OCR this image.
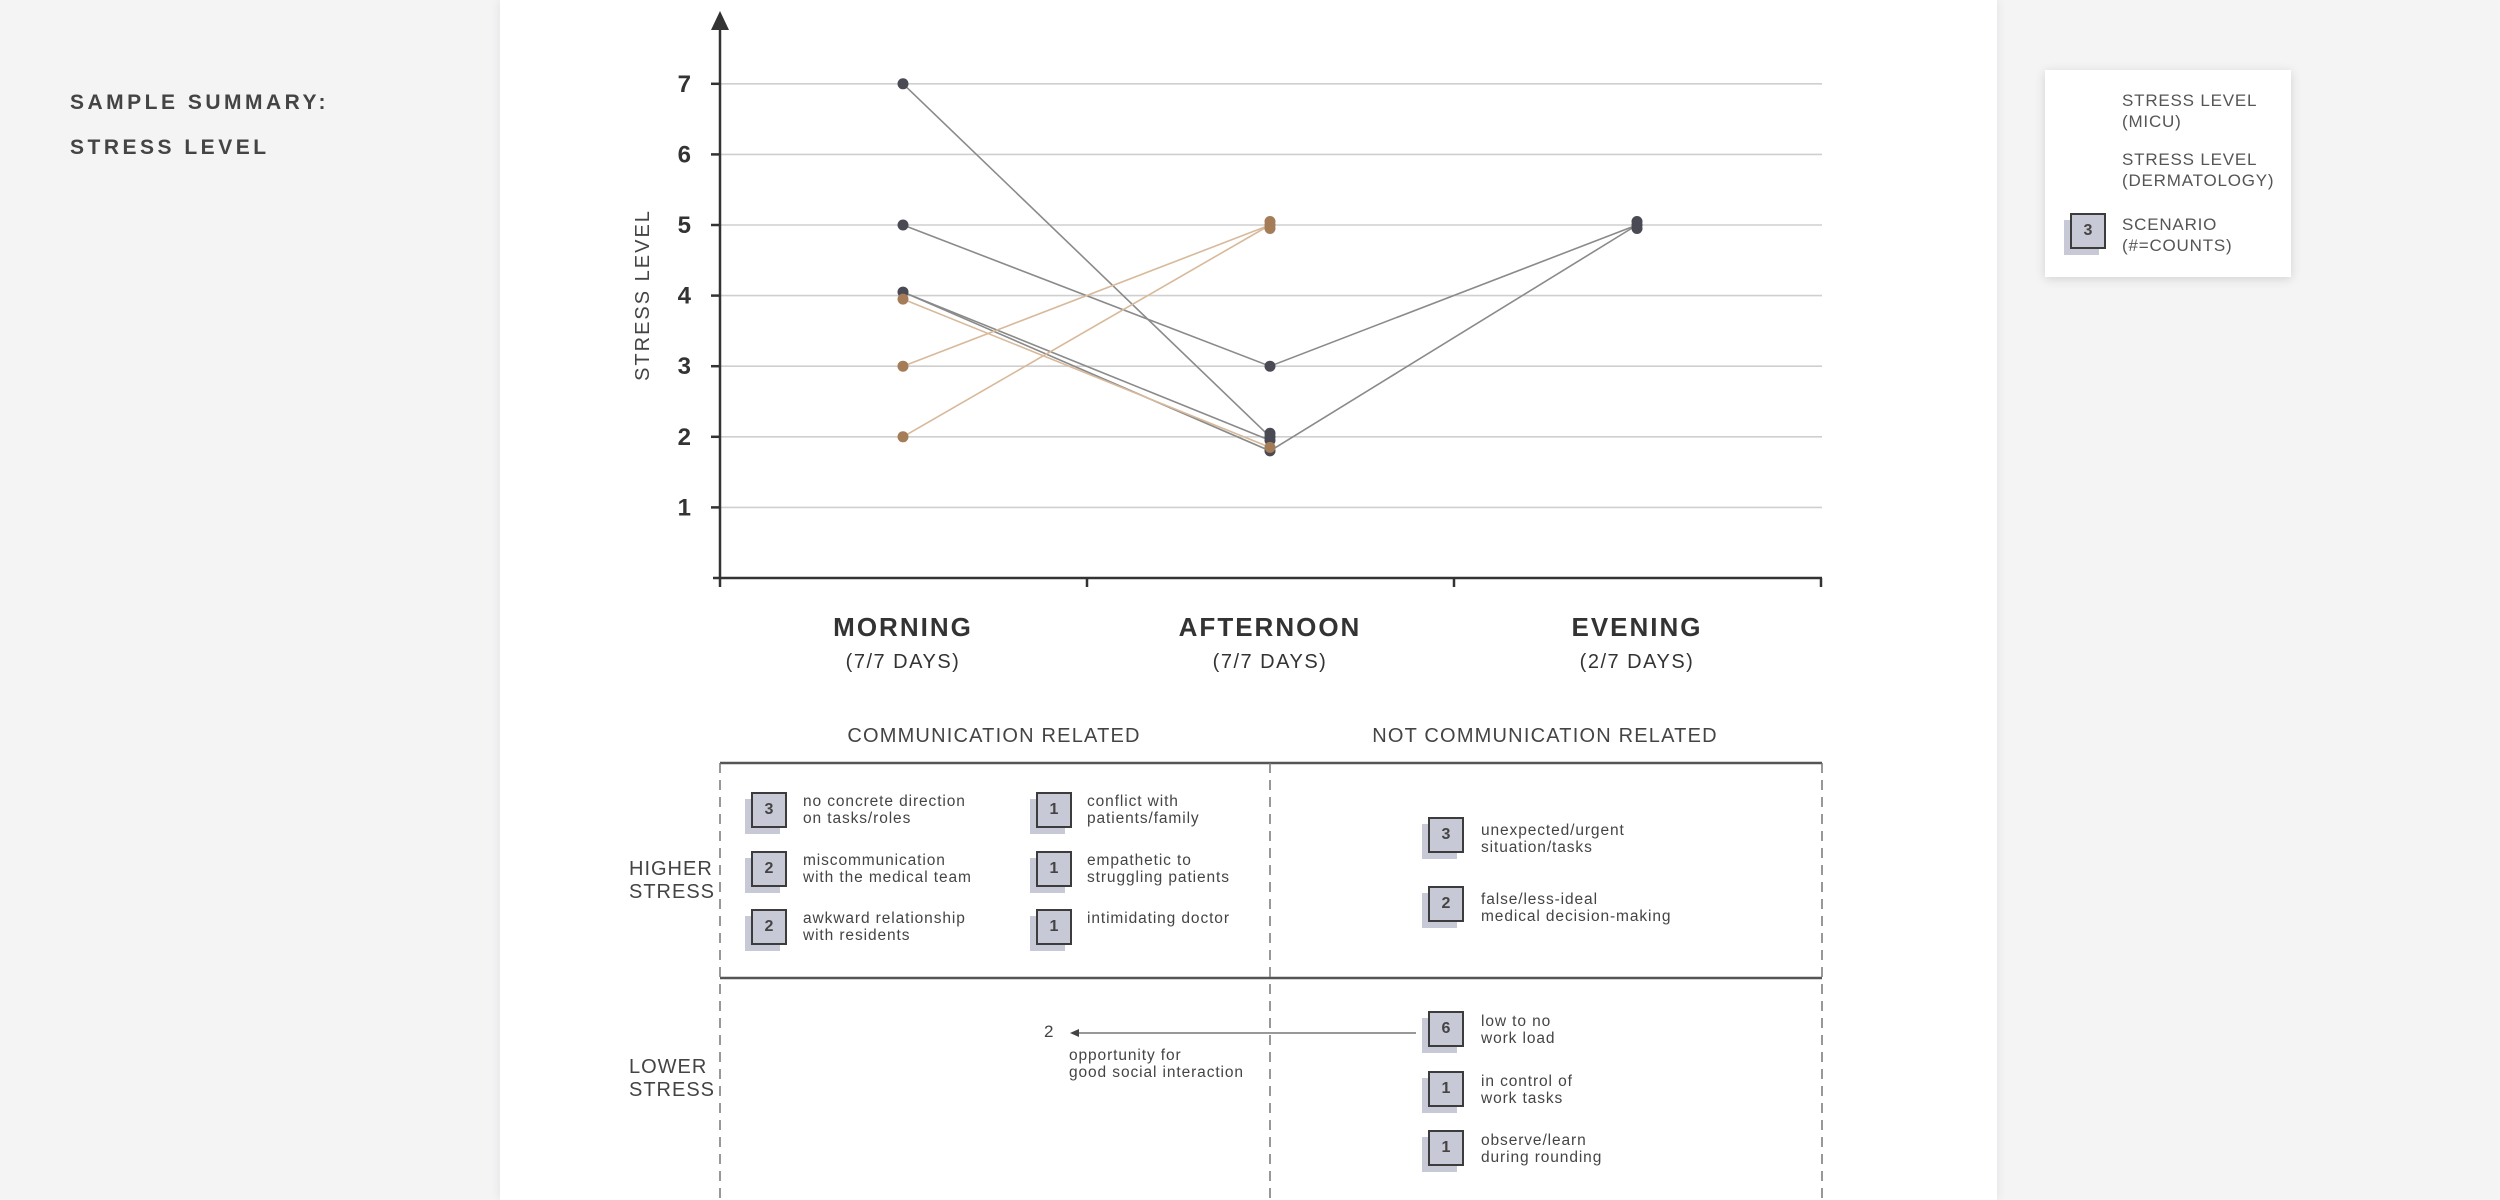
SAMPLE SUMMARY:
STRESS LEVEL
1
2
3
4
5
6
7
STRESS LEVEL
MORNING
(7/7 DAYS)
AFTERNOON
(7/7 DAYS)
EVENING
(2/7 DAYS)
STRESS LEVEL
(MICU)
STRESS LEVEL
(DERMATOLOGY)
3	SCENARIO
(#=COUNTS)
COMMUNICATION RELATED	NOT COMMUNICATION RELATED
HIGHER
STRESS
LOWER
STRESS
3	no concrete direction
on tasks/roles
2	miscommunication
with the medical team
2	awkward relationship
with residents
1	conflict with
patients/family
1	empathetic to
struggling patients
1	intimidating doctor
3	unexpected/urgent
situation/tasks
2	false/less-ideal
medical decision-making
6	low to no
work load
1	in control of
work tasks
1	observe/learn
during rounding
2
opportunity for
good social interaction
